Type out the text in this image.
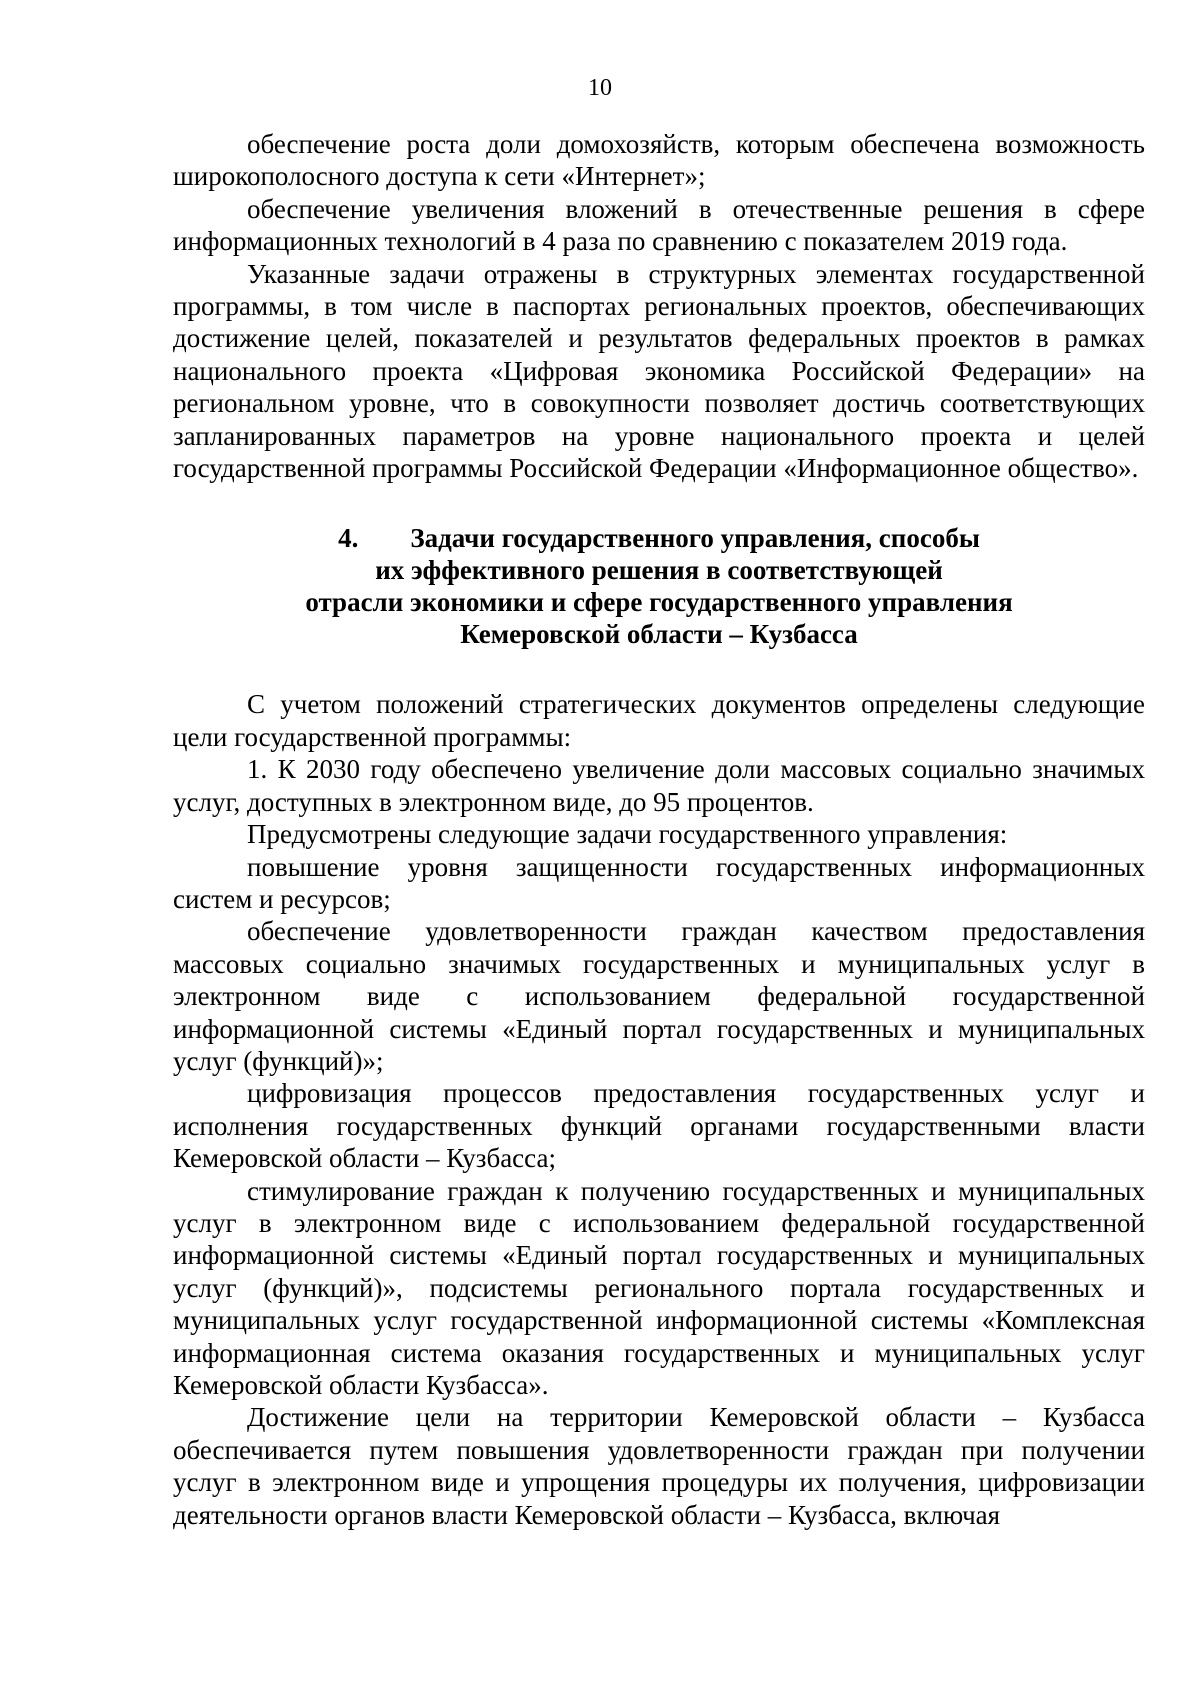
10

обеспечение роста доли домохозяйств, которым обеспечена возможность широкополосного доступа к сети «Интернет»;

обеспечение увеличения вложений в отечественные решения в сфере информационных технологий в 4 раза по сравнению с показателем 2019 года.

Указанные задачи отражены в структурных элементах государственной программы, в том числе в паспортах региональных проектов, обеспечивающих достижение целей, показателей и результатов федеральных проектов в рамках национального проекта «Цифровая экономика Российской Федерации» на региональном уровне, что в совокупности позволяет достичь соответствующих запланированных параметров на уровне национального проекта и целей государственной программы Российской Федерации «Информационное общество».

4. Задачи государственного управления, способы
их эффективного решения в соответствующей
отрасли экономики и сфере государственного управления
Кемеровской области – Кузбасса

С учетом положений стратегических документов определены следующие цели государственной программы:

1. К 2030 году обеспечено увеличение доли массовых социально значимых услуг, доступных в электронном виде, до 95 процентов.

Предусмотрены следующие задачи государственного управления:

повышение уровня защищенности государственных информационных систем и ресурсов;

обеспечение удовлетворенности граждан качеством предоставления массовых социально значимых государственных и муниципальных услуг в электронном виде с использованием федеральной государственной информационной системы «Единый портал государственных и муниципальных услуг (функций)»;

цифровизация процессов предоставления государственных услуг и исполнения государственных функций органами государственными власти Кемеровской области – Кузбасса;

стимулирование граждан к получению государственных и муниципальных услуг в электронном виде с использованием федеральной государственной информационной системы «Единый портал государственных и муниципальных услуг (функций)», подсистемы регионального портала государственных и муниципальных услуг государственной информационной системы «Комплексная информационная система оказания государственных и муниципальных услуг Кемеровской области Кузбасса».

Достижение цели на территории Кемеровской области – Кузбасса обеспечивается путем повышения удовлетворенности граждан при получении услуг в электронном виде и упрощения процедуры их получения, цифровизации деятельности органов власти Кемеровской области – Кузбасса, включая
